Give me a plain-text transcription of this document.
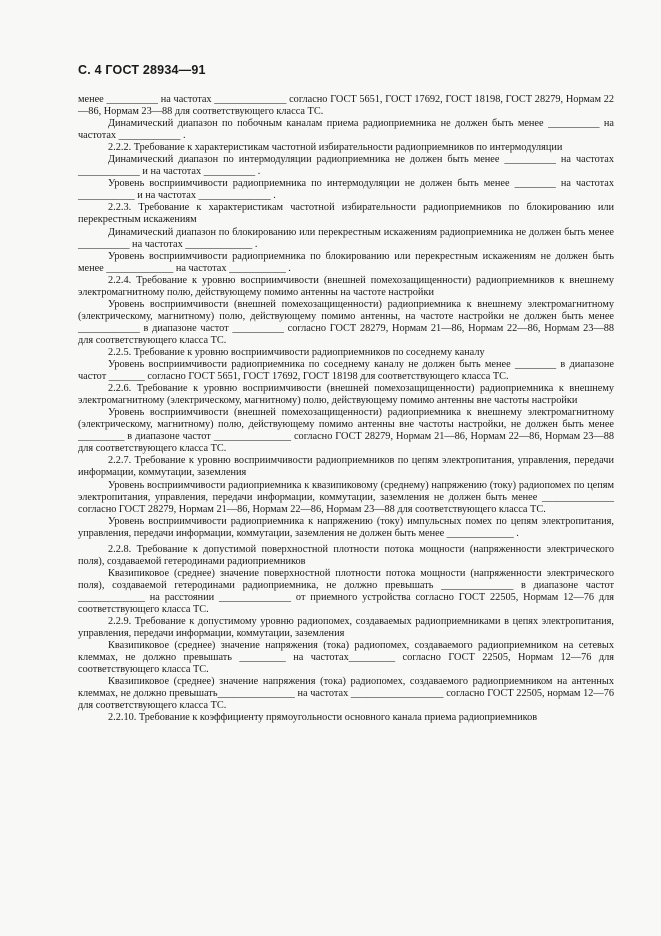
С. 4 ГОСТ 28934—91

менее __________ на частотах ______________ согласно ГОСТ 5651, ГОСТ 17692, ГОСТ 18198, ГОСТ 28279, Нормам 22—86, Нормам 23—88 для соответствующего класса ТС.

Динамический диапазон по побочным каналам приема радиоприемника не должен быть менее __________ на частотах ____________ .

2.2.2. Требование к характеристикам частотной избирательности радиоприемников по интермодуляции

Динамический диапазон по интермодуляции радиоприемника не должен быть менее __________ на частотах ____________ и на частотах __________ .

Уровень восприимчивости радиоприемника по интермодуляции не должен быть менее ________ на частотах ___________ и на частотах ______________ .

2.2.3. Требование к характеристикам частотной избирательности радиоприемников по блокированию или перекрестным искажениям

Динамический диапазон по блокированию или перекрестным искажениям радиоприемника не должен быть менее __________ на частотах _____________ .

Уровень восприимчивости радиоприемника по блокированию или перекрестным искажениям не должен быть менее _____________ на частотах ___________ .

2.2.4. Требование к уровню восприимчивости (внешней помехозащищенности) радиоприемников к внешнему электромагнитному полю, действующему помимо антенны на частоте настройки

Уровень восприимчивости (внешней помехозащищенности) радиоприемника к внешнему электромагнитному (электрическому, магнитному) полю, действующему помимо антенны, на частоте настройки не должен быть менее ____________ в диапазоне частот __________ согласно ГОСТ 28279, Нормам 21—86, Нормам 22—86, Нормам 23—88 для соответствующего класса ТС.

2.2.5. Требование к уровню восприимчивости радиоприемников по соседнему каналу

Уровень восприимчивости радиоприемника по соседнему каналу не должен быть менее ________ в диапазоне частот _______ согласно ГОСТ 5651, ГОСТ 17692, ГОСТ 18198 для соответствующего класса ТС.

2.2.6. Требование к уровню восприимчивости (внешней помехозащищенности) радиоприемника к внешнему электромагнитному (электрическому, магнитному) полю, действующему помимо антенны вне частоты настройки

Уровень восприимчивости (внешней помехозащищенности) радиоприемника к внешнему электромагнитному (электрическому, магнитному) полю, действующему помимо антенны вне частоты настройки, не должен быть менее _________ в диапазоне частот _______________ согласно ГОСТ 28279, Нормам 21—86, Нормам 22—86, Нормам 23—88 для соответствующего класса ТС.

2.2.7. Требование к уровню восприимчивости радиоприемников по цепям электропитания, управления, передачи информации, коммутации, заземления

Уровень восприимчивости радиоприемника к квазипиковому (среднему) напряжению (току) радиопомех по цепям электропитания, управления, передачи информации, коммутации, заземления не должен быть менее ______________ согласно ГОСТ 28279, Нормам 21—86, Нормам 22—86, Нормам 23—88 для соответствующего класса ТС.

Уровень восприимчивости радиоприемника к напряжению (току) импульсных помех по цепям электропитания, управления, передачи информации, коммутации, заземления не должен быть менее _____________ .

2.2.8. Требование к допустимой поверхностной плотности потока мощности (напряженности электрического поля), создаваемой гетеродинами радиоприемников

Квазипиковое (среднее) значение поверхностной плотности потока мощности (напряженности электрического поля), создаваемой гетеродинами радиоприемника, не должно превышать ______________ в диапазоне частот _____________ на расстоянии ______________ от приемного устройства согласно ГОСТ 22505, Нормам 12—76 для соответствующего класса ТС.

2.2.9. Требование к допустимому уровню радиопомех, создаваемых радиоприемниками в цепях электропитания, управления, передачи информации, коммутации, заземления

Квазипиковое (среднее) значение напряжения (тока) радиопомех, создаваемого радиоприемником на сетевых клеммах, не должно превышать _________ на частотах_________ согласно ГОСТ 22505, Нормам 12—76 для соответствующего класса ТС.

Квазипиковое (среднее) значение напряжения (тока) радиопомех, создаваемого радиоприемником на антенных клеммах, не должно превышать_______________ на частотах __________________ согласно ГОСТ 22505, нормам 12—76 для соответствующего класса ТС.

2.2.10. Требование к коэффициенту прямоугольности основного канала приема радиоприемников
